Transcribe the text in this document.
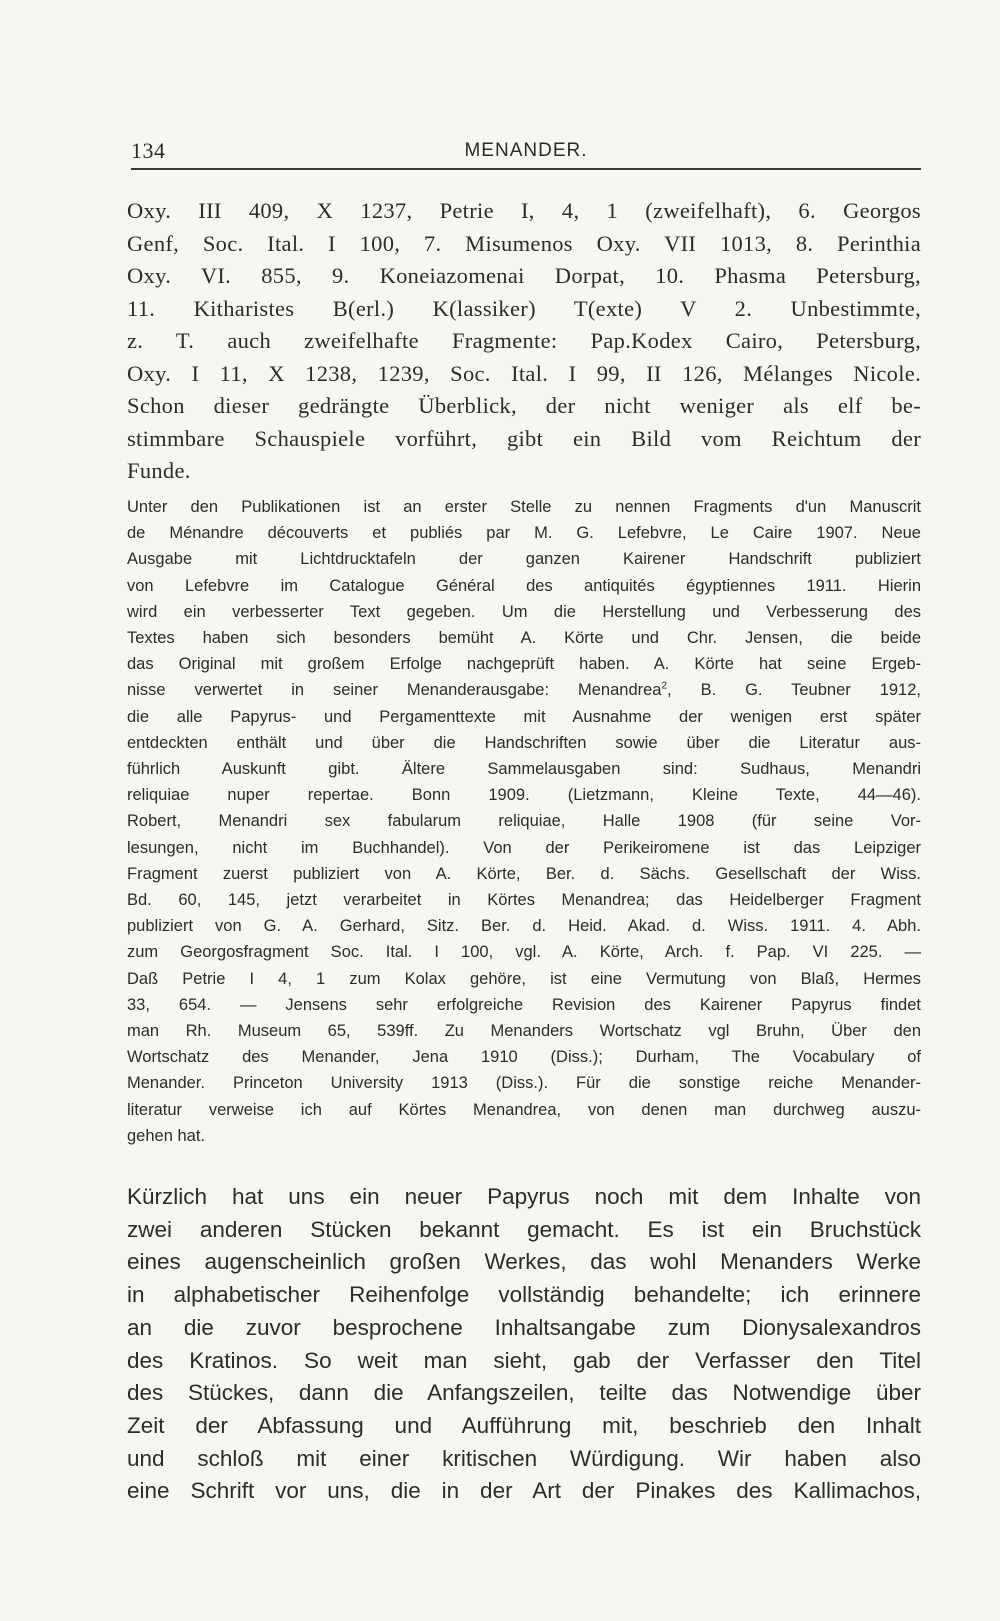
134	MENANDER.
Oxy. III 409, X 1237, Petrie I, 4, 1 (zweifelhaft), 6. Georgos
Genf, Soc. Ital. I 100, 7. Misumenos Oxy. VII 1013, 8. Perinthia
Oxy. VI. 855, 9. Koneiazomenai Dorpat, 10. Phasma Petersburg,
11. Kitharistes B(erl.) K(lassiker) T(exte) V 2. Unbestimmte,
z. T. auch zweifelhafte Fragmente: Pap.Kodex Cairo, Petersburg,
Oxy. I 11, X 1238, 1239, Soc. Ital. I 99, II 126, Mélanges Nicole.
Schon dieser gedrängte Überblick, der nicht weniger als elf be-
stimmbare Schauspiele vorführt, gibt ein Bild vom Reichtum der
Funde.
Unter den Publikationen ist an erster Stelle zu nennen Fragments d'un Manuscrit
de Ménandre découverts et publiés par M. G. Lefebvre, Le Caire 1907. Neue
Ausgabe mit Lichtdrucktafeln der ganzen Kairener Handschrift publiziert
von Lefebvre im Catalogue Général des antiquités égyptiennes 1911. Hierin
wird ein verbesserter Text gegeben. Um die Herstellung und Verbesserung des
Textes haben sich besonders bemüht A. Körte und Chr. Jensen, die beide
das Original mit großem Erfolge nachgeprüft haben. A. Körte hat seine Ergeb-
nisse verwertet in seiner Menanderausgabe: Menandrea$^2$, B. G. Teubner 1912,
die alle Papyrus- und Pergamenttexte mit Ausnahme der wenigen erst später
entdeckten enthält und über die Handschriften sowie über die Literatur aus-
führlich Auskunft gibt. Ältere Sammelausgaben sind: Sudhaus, Menandri
reliquiae nuper repertae. Bonn 1909. (Lietzmann, Kleine Texte, 44—46).
Robert, Menandri sex fabularum reliquiae, Halle 1908 (für seine Vor-
lesungen, nicht im Buchhandel). Von der Perikeiromene ist das Leipziger
Fragment zuerst publiziert von A. Körte, Ber. d. Sächs. Gesellschaft der Wiss.
Bd. 60, 145, jetzt verarbeitet in Körtes Menandrea; das Heidelberger Fragment
publiziert von G. A. Gerhard, Sitz. Ber. d. Heid. Akad. d. Wiss. 1911. 4. Abh.
zum Georgosfragment Soc. Ital. I 100, vgl. A. Körte, Arch. f. Pap. VI 225. —
Daß Petrie I 4, 1 zum Kolax gehöre, ist eine Vermutung von Blaß, Hermes
33, 654. — Jensens sehr erfolgreiche Revision des Kairener Papyrus findet
man Rh. Museum 65, 539ff. Zu Menanders Wortschatz vgl Bruhn, Über den
Wortschatz des Menander, Jena 1910 (Diss.); Durham, The Vocabulary of
Menander. Princeton University 1913 (Diss.). Für die sonstige reiche Menander-
literatur verweise ich auf Körtes Menandrea, von denen man durchweg auszu-
gehen hat.
Kürzlich hat uns ein neuer Papyrus noch mit dem Inhalte von
zwei anderen Stücken bekannt gemacht. Es ist ein Bruchstück
eines augenscheinlich großen Werkes, das wohl Menanders Werke
in alphabetischer Reihenfolge vollständig behandelte; ich erinnere
an die zuvor besprochene Inhaltsangabe zum Dionysalexandros
des Kratinos. So weit man sieht, gab der Verfasser den Titel
des Stückes, dann die Anfangszeilen, teilte das Notwendige über
Zeit der Abfassung und Aufführung mit, beschrieb den Inhalt
und schloß mit einer kritischen Würdigung. Wir haben also
eine Schrift vor uns, die in der Art der Pinakes des Kallimachos,
